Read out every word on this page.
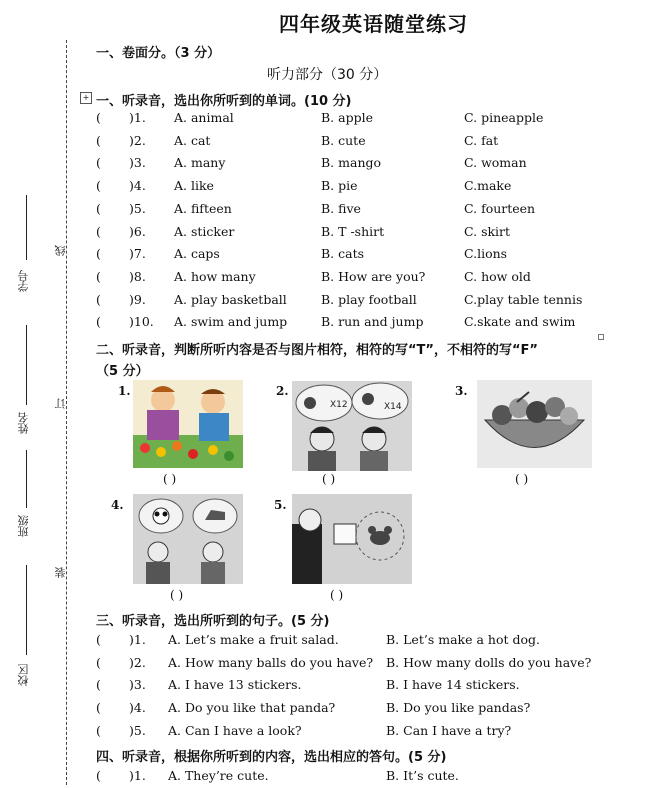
四年级英语随堂练习
学号
姓名
班级
校区
线
订
装
一、卷面分。（3 分）
听力部分（30 分）
+ 一、听录音，选出你所听到的单词。(10 分)
( )1. A. animal	B. apple	C. pineapple
( )2. A. cat	B. cute	C. fat
( )3. A. many	B. mango	C. woman
( )4. A. like	B. pie	C.make
( )5. A. fifteen	B. five	C. fourteen
( )6. A. sticker	B. T -shirt	C. skirt
( )7. A. caps	B. cats	C.lions
( )8. A. how many	B. How are you?	C. how old
( )9. A. play basketball	B. play football	C.play table tennis
( )10. A. swim and jump	B. run and jump	C.skate and swim
二、听录音，判断所听内容是否与图片相符，相符的写“T”，不相符的写“F”
（5 分）
1.
( )
2.
X12	X14
( )
3.
( )
4.
( )
5.
( )
三、听录音，选出所听到的句子。(5 分)
( )1. A. Let’s make a fruit salad.	B. Let’s make a hot dog.
( )2. A. How many balls do you have? B. How many dolls do you have?
( )3. A. I have 13 stickers.	B. I have 14 stickers.
( )4. A. Do you like that panda?	B. Do you like pandas?
( )5. A. Can I have a look?	B. Can I have a try?
四、听录音，根据你所听到的内容，选出相应的答句。(5 分)
( )1. A. They’re cute.	B. It’s cute.
